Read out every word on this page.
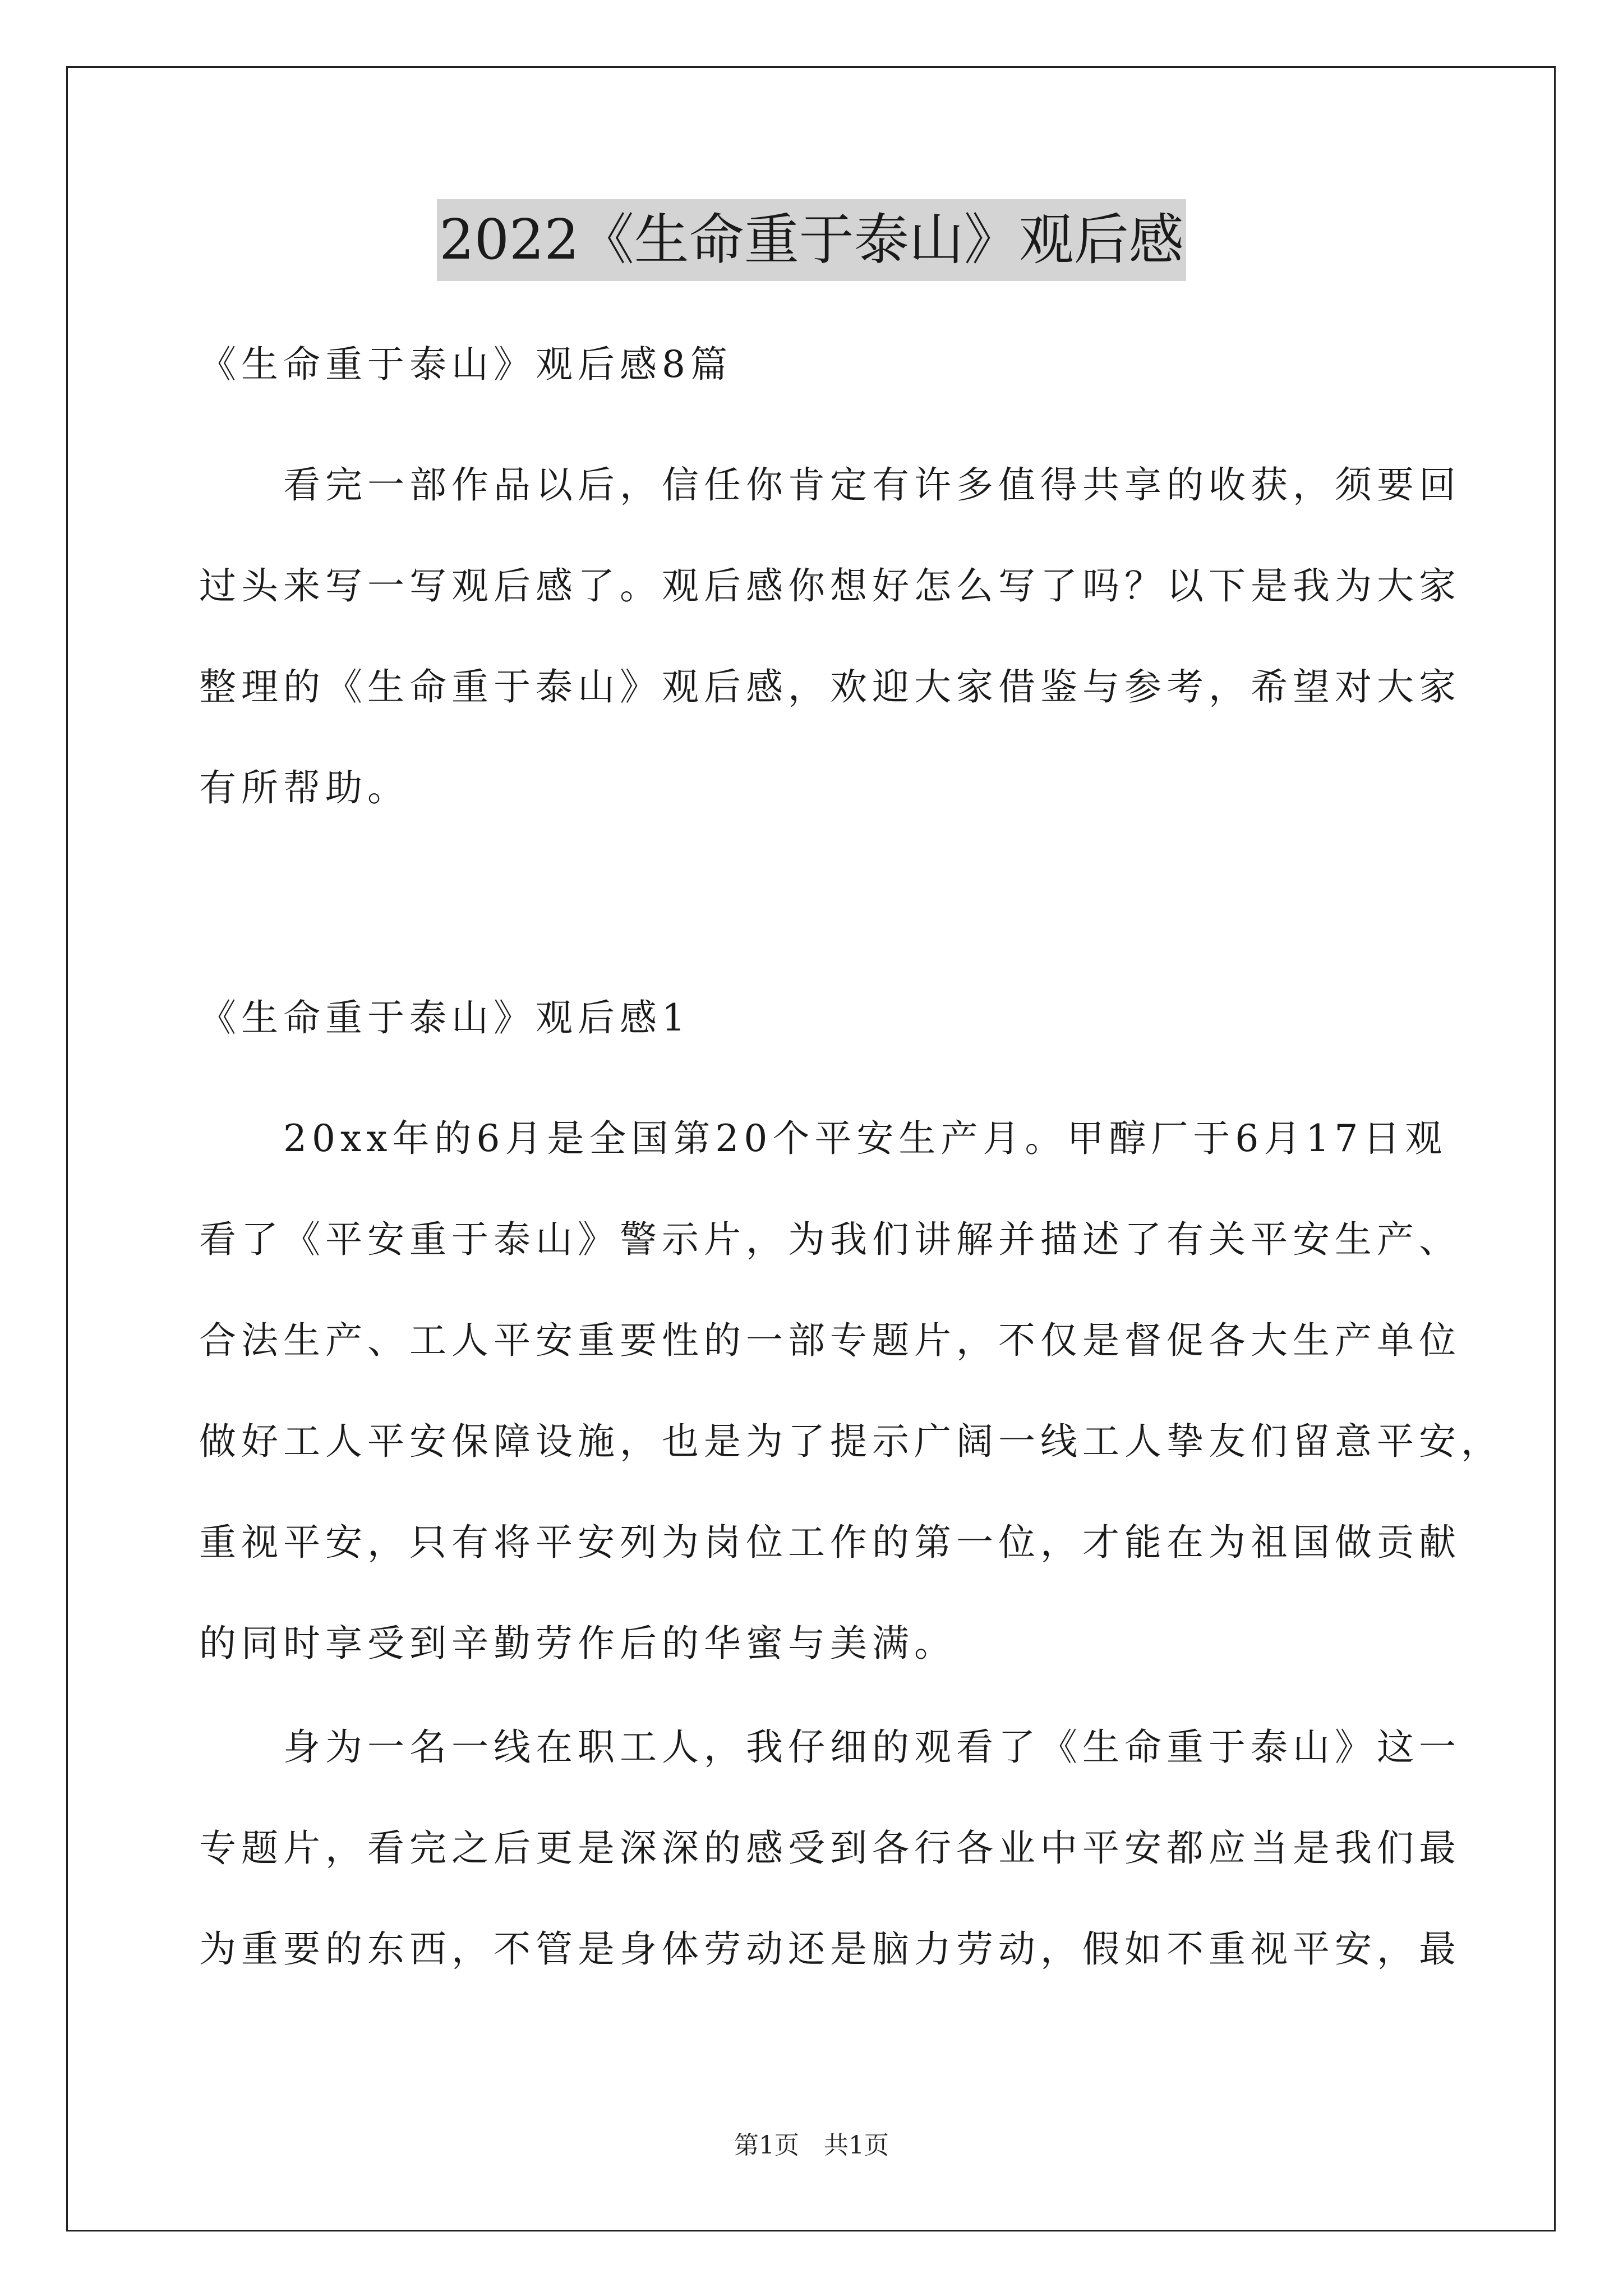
2022《生命重于泰山》观后感
《生命重于泰山》观后感8篇
　　看完一部作品以后，信任你肯定有许多值得共享的收获，须要回
过头来写一写观后感了。观后感你想好怎么写了吗？以下是我为大家
整理的《生命重于泰山》观后感，欢迎大家借鉴与参考，希望对大家
有所帮助。
《生命重于泰山》观后感1
　　20xx年的6月是全国第20个平安生产月。甲醇厂于6月17日观
看了《平安重于泰山》警示片，为我们讲解并描述了有关平安生产、
合法生产、工人平安重要性的一部专题片，不仅是督促各大生产单位
做好工人平安保障设施，也是为了提示广阔一线工人挚友们留意平安，
重视平安，只有将平安列为岗位工作的第一位，才能在为祖国做贡献
的同时享受到辛勤劳作后的华蜜与美满。
　　身为一名一线在职工人，我仔细的观看了《生命重于泰山》这一
专题片，看完之后更是深深的感受到各行各业中平安都应当是我们最
为重要的东西，不管是身体劳动还是脑力劳动，假如不重视平安，最
第1页　共1页
